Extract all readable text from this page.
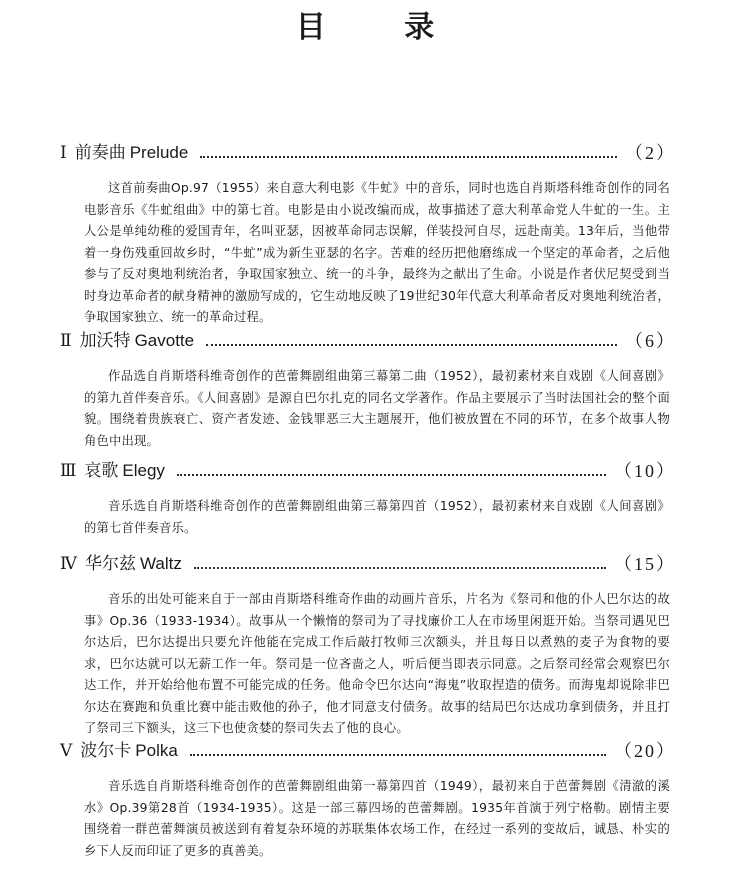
目 录
Ⅰ 前奏曲 Prelude	（2）

这首前奏曲Op.97（1955）来自意大利电影《牛虻》中的音乐，同时也选自肖斯塔科维奇创作的同名电影音乐《牛虻组曲》中的第七首。电影是由小说改编而成，故事描述了意大利革命党人牛虻的一生。主人公是单纯幼稚的爱国青年，名叫亚瑟，因被革命同志误解，佯装投河自尽，远赴南美。13年后，当他带着一身伤残重回故乡时，“牛虻”成为新生亚瑟的名字。苦难的经历把他磨练成一个坚定的革命者，之后他参与了反对奥地利统治者，争取国家独立、统一的斗争，最终为之献出了生命。小说是作者伏尼契受到当时身边革命者的献身精神的激励写成的，它生动地反映了19世纪30年代意大利革命者反对奥地利统治者，争取国家独立、统一的革命过程。

Ⅱ 加沃特 Gavotte	（6）

作品选自肖斯塔科维奇创作的芭蕾舞剧组曲第三幕第二曲（1952），最初素材来自戏剧《人间喜剧》的第九首伴奏音乐。《人间喜剧》是源自巴尔扎克的同名文学著作。作品主要展示了当时法国社会的整个面貌。围绕着贵族衰亡、资产者发迹、金钱罪恶三大主题展开，他们被放置在不同的环节，在多个故事人物角色中出现。

Ⅲ 哀歌 Elegy	（10）

音乐选自肖斯塔科维奇创作的芭蕾舞剧组曲第三幕第四首（1952），最初素材来自戏剧《人间喜剧》的第七首伴奏音乐。

Ⅳ 华尔兹 Waltz	（15）

音乐的出处可能来自于一部由肖斯塔科维奇作曲的动画片音乐，片名为《祭司和他的仆人巴尔达的故事》Op.36（1933-1934）。故事从一个懒惰的祭司为了寻找廉价工人在市场里闲逛开始。当祭司遇见巴尔达后，巴尔达提出只要允许他能在完成工作后敲打牧师三次额头，并且每日以煮熟的麦子为食物的要求，巴尔达就可以无薪工作一年。祭司是一位吝啬之人，听后便当即表示同意。之后祭司经常会观察巴尔达工作，并开始给他布置不可能完成的任务。他命令巴尔达向“海鬼”收取捏造的债务。而海鬼却说除非巴尔达在赛跑和负重比赛中能击败他的孙子，他才同意支付债务。故事的结局巴尔达成功拿到债务，并且打了祭司三下额头，这三下也使贪婪的祭司失去了他的良心。

Ⅴ 波尔卡 Polka	（20）

音乐选自肖斯塔科维奇创作的芭蕾舞剧组曲第一幕第四首（1949），最初来自于芭蕾舞剧《清澈的溪水》Op.39第28首（1934-1935）。这是一部三幕四场的芭蕾舞剧。1935年首演于列宁格勒。剧情主要围绕着一群芭蕾舞演员被送到有着复杂环境的苏联集体农场工作，在经过一系列的变故后，诚恳、朴实的乡下人反而印证了更多的真善美。
